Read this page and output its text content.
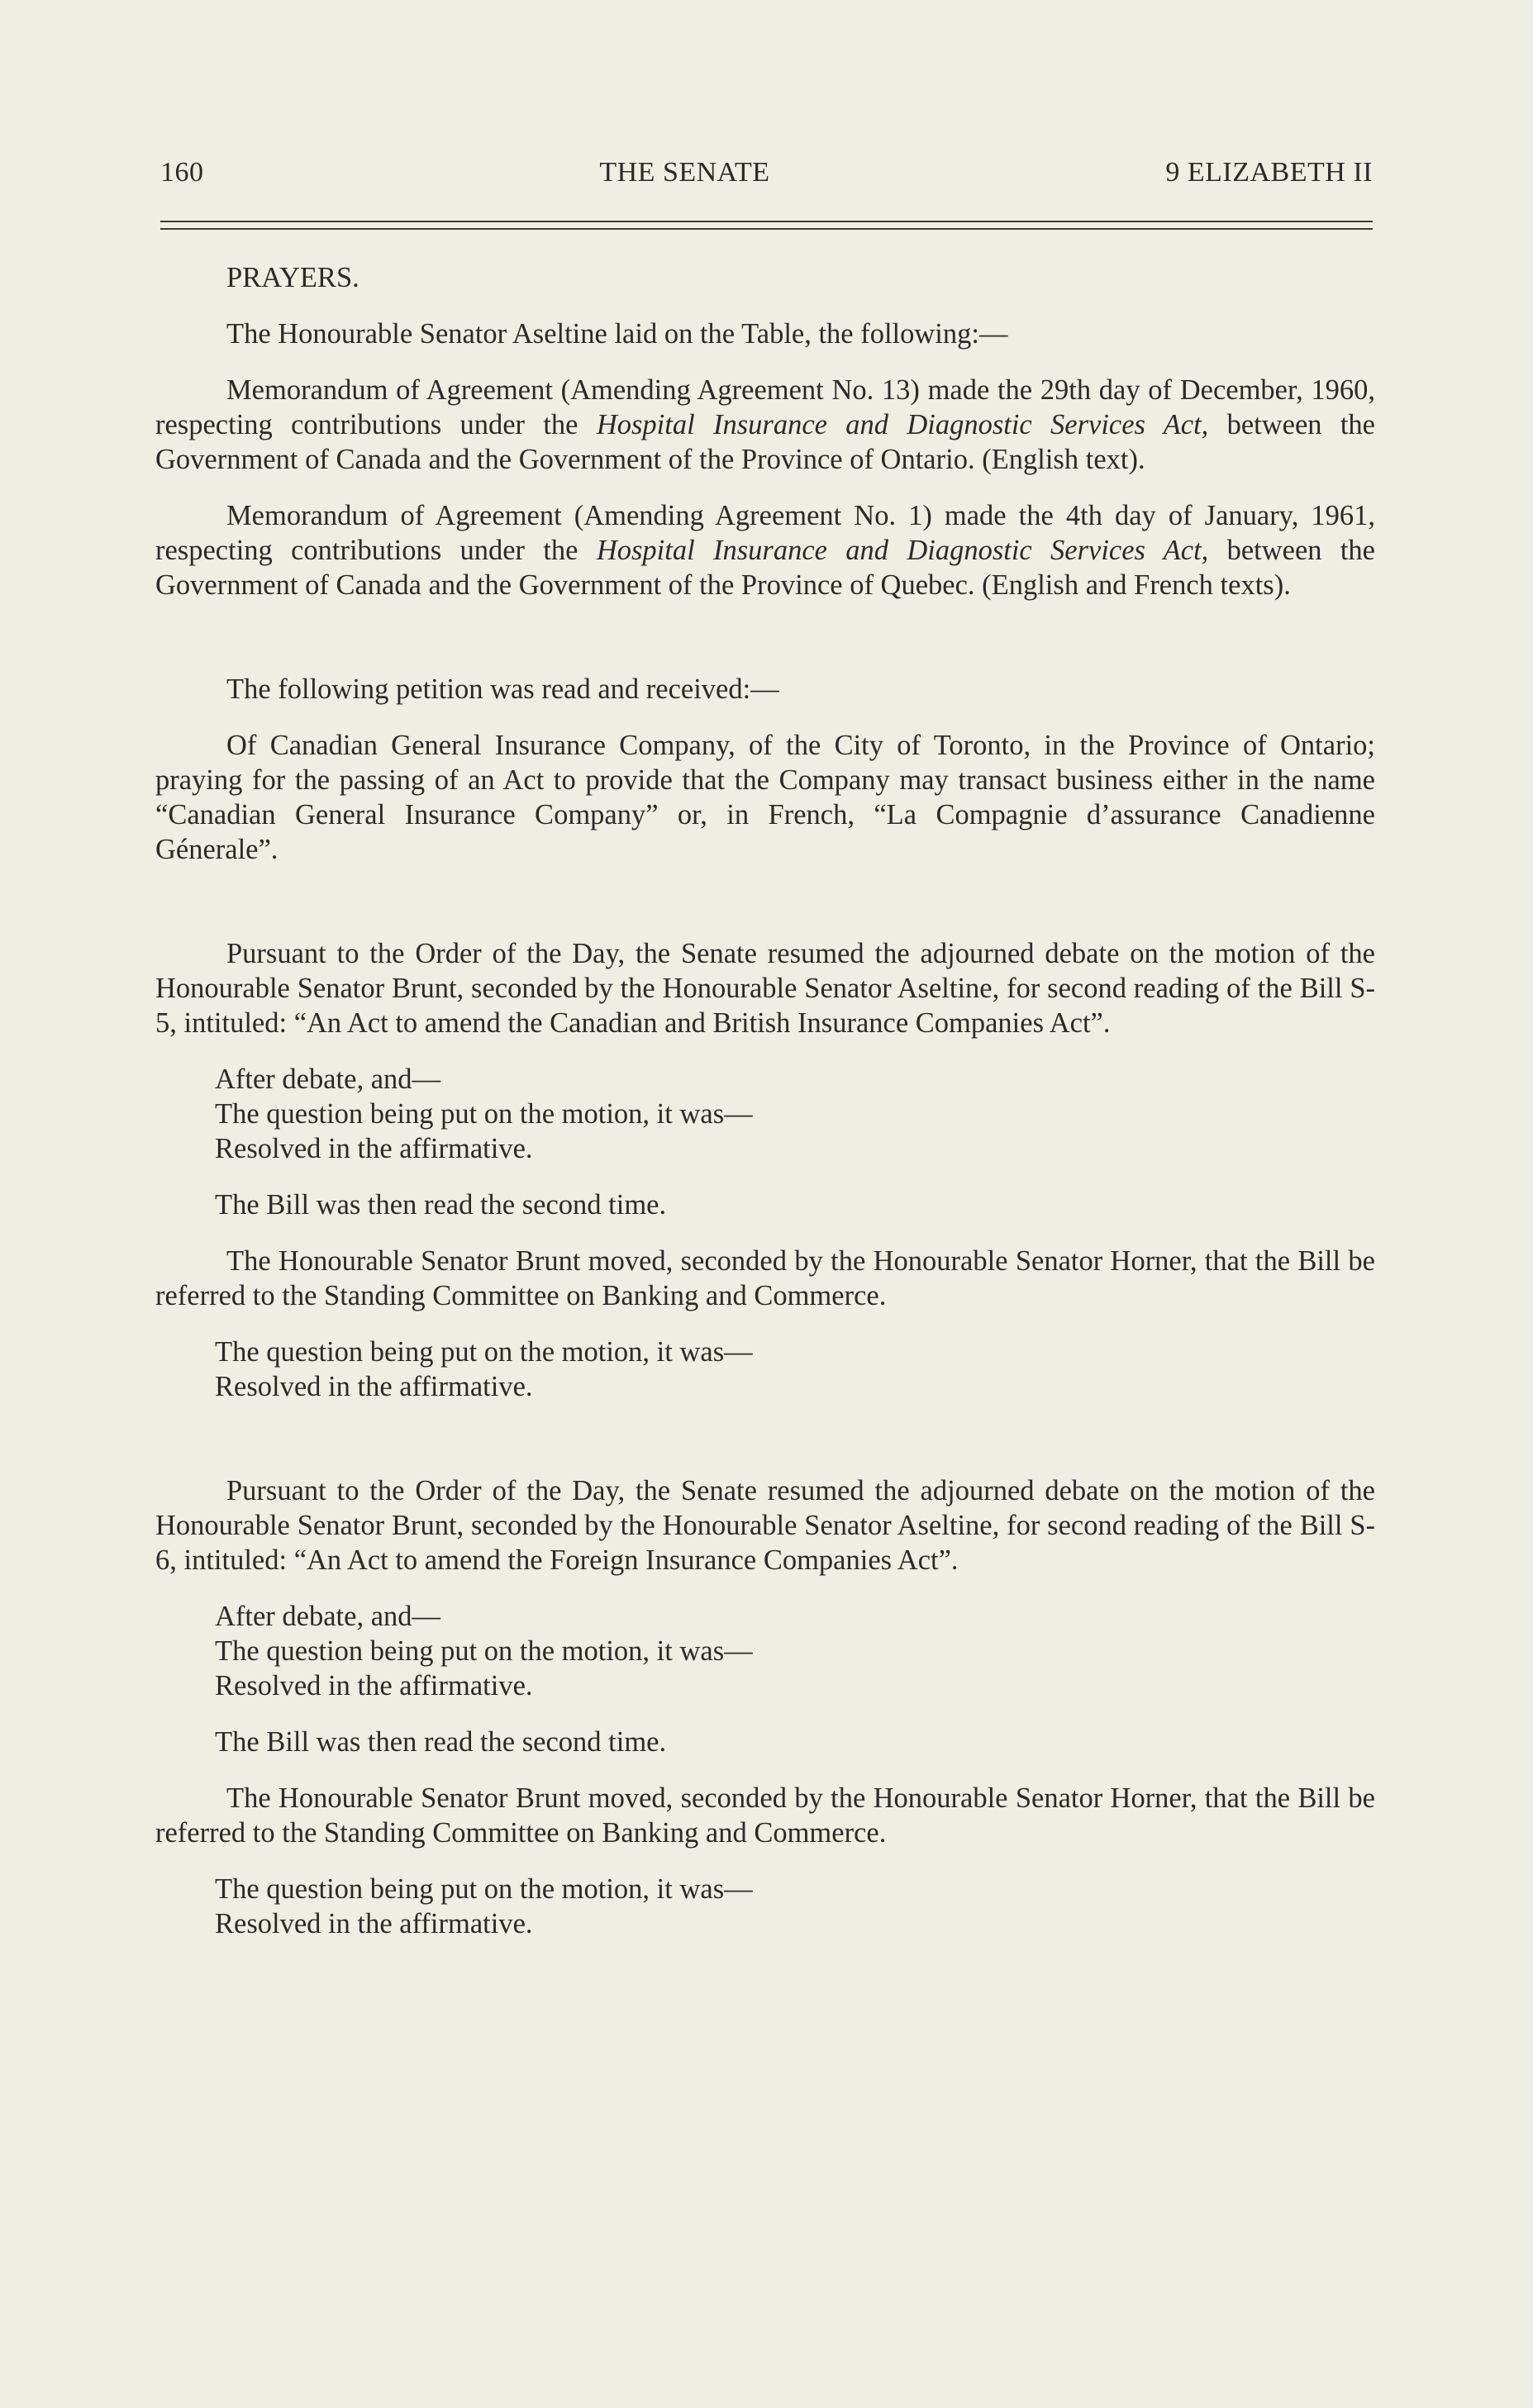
160	THE SENATE	9 ELIZABETH II

PRAYERS.

The Honourable Senator Aseltine laid on the Table, the following:—

Memorandum of Agreement (Amending Agreement No. 13) made the 29th day of December, 1960, respecting contributions under the Hospital Insurance and Diagnostic Services Act, between the Government of Canada and the Government of the Province of Ontario. (English text).

Memorandum of Agreement (Amending Agreement No. 1) made the 4th day of January, 1961, respecting contributions under the Hospital Insurance and Diagnostic Services Act, between the Government of Canada and the Government of the Province of Quebec. (English and French texts).

The following petition was read and received:—

Of Canadian General Insurance Company, of the City of Toronto, in the Province of Ontario; praying for the passing of an Act to provide that the Company may transact business either in the name “Canadian General Insurance Company” or, in French, “La Compagnie d’assurance Canadienne Génerale”.

Pursuant to the Order of the Day, the Senate resumed the adjourned debate on the motion of the Honourable Senator Brunt, seconded by the Honourable Senator Aseltine, for second reading of the Bill S-5, intituled: “An Act to amend the Canadian and British Insurance Companies Act”.

After debate, and—

The question being put on the motion, it was—

Resolved in the affirmative.

The Bill was then read the second time.

The Honourable Senator Brunt moved, seconded by the Honourable Senator Horner, that the Bill be referred to the Standing Committee on Banking and Commerce.

The question being put on the motion, it was—

Resolved in the affirmative.

Pursuant to the Order of the Day, the Senate resumed the adjourned debate on the motion of the Honourable Senator Brunt, seconded by the Honourable Senator Aseltine, for second reading of the Bill S-6, intituled: “An Act to amend the Foreign Insurance Companies Act”.

After debate, and—

The question being put on the motion, it was—

Resolved in the affirmative.

The Bill was then read the second time.

The Honourable Senator Brunt moved, seconded by the Honourable Senator Horner, that the Bill be referred to the Standing Committee on Banking and Commerce.

The question being put on the motion, it was—

Resolved in the affirmative.
